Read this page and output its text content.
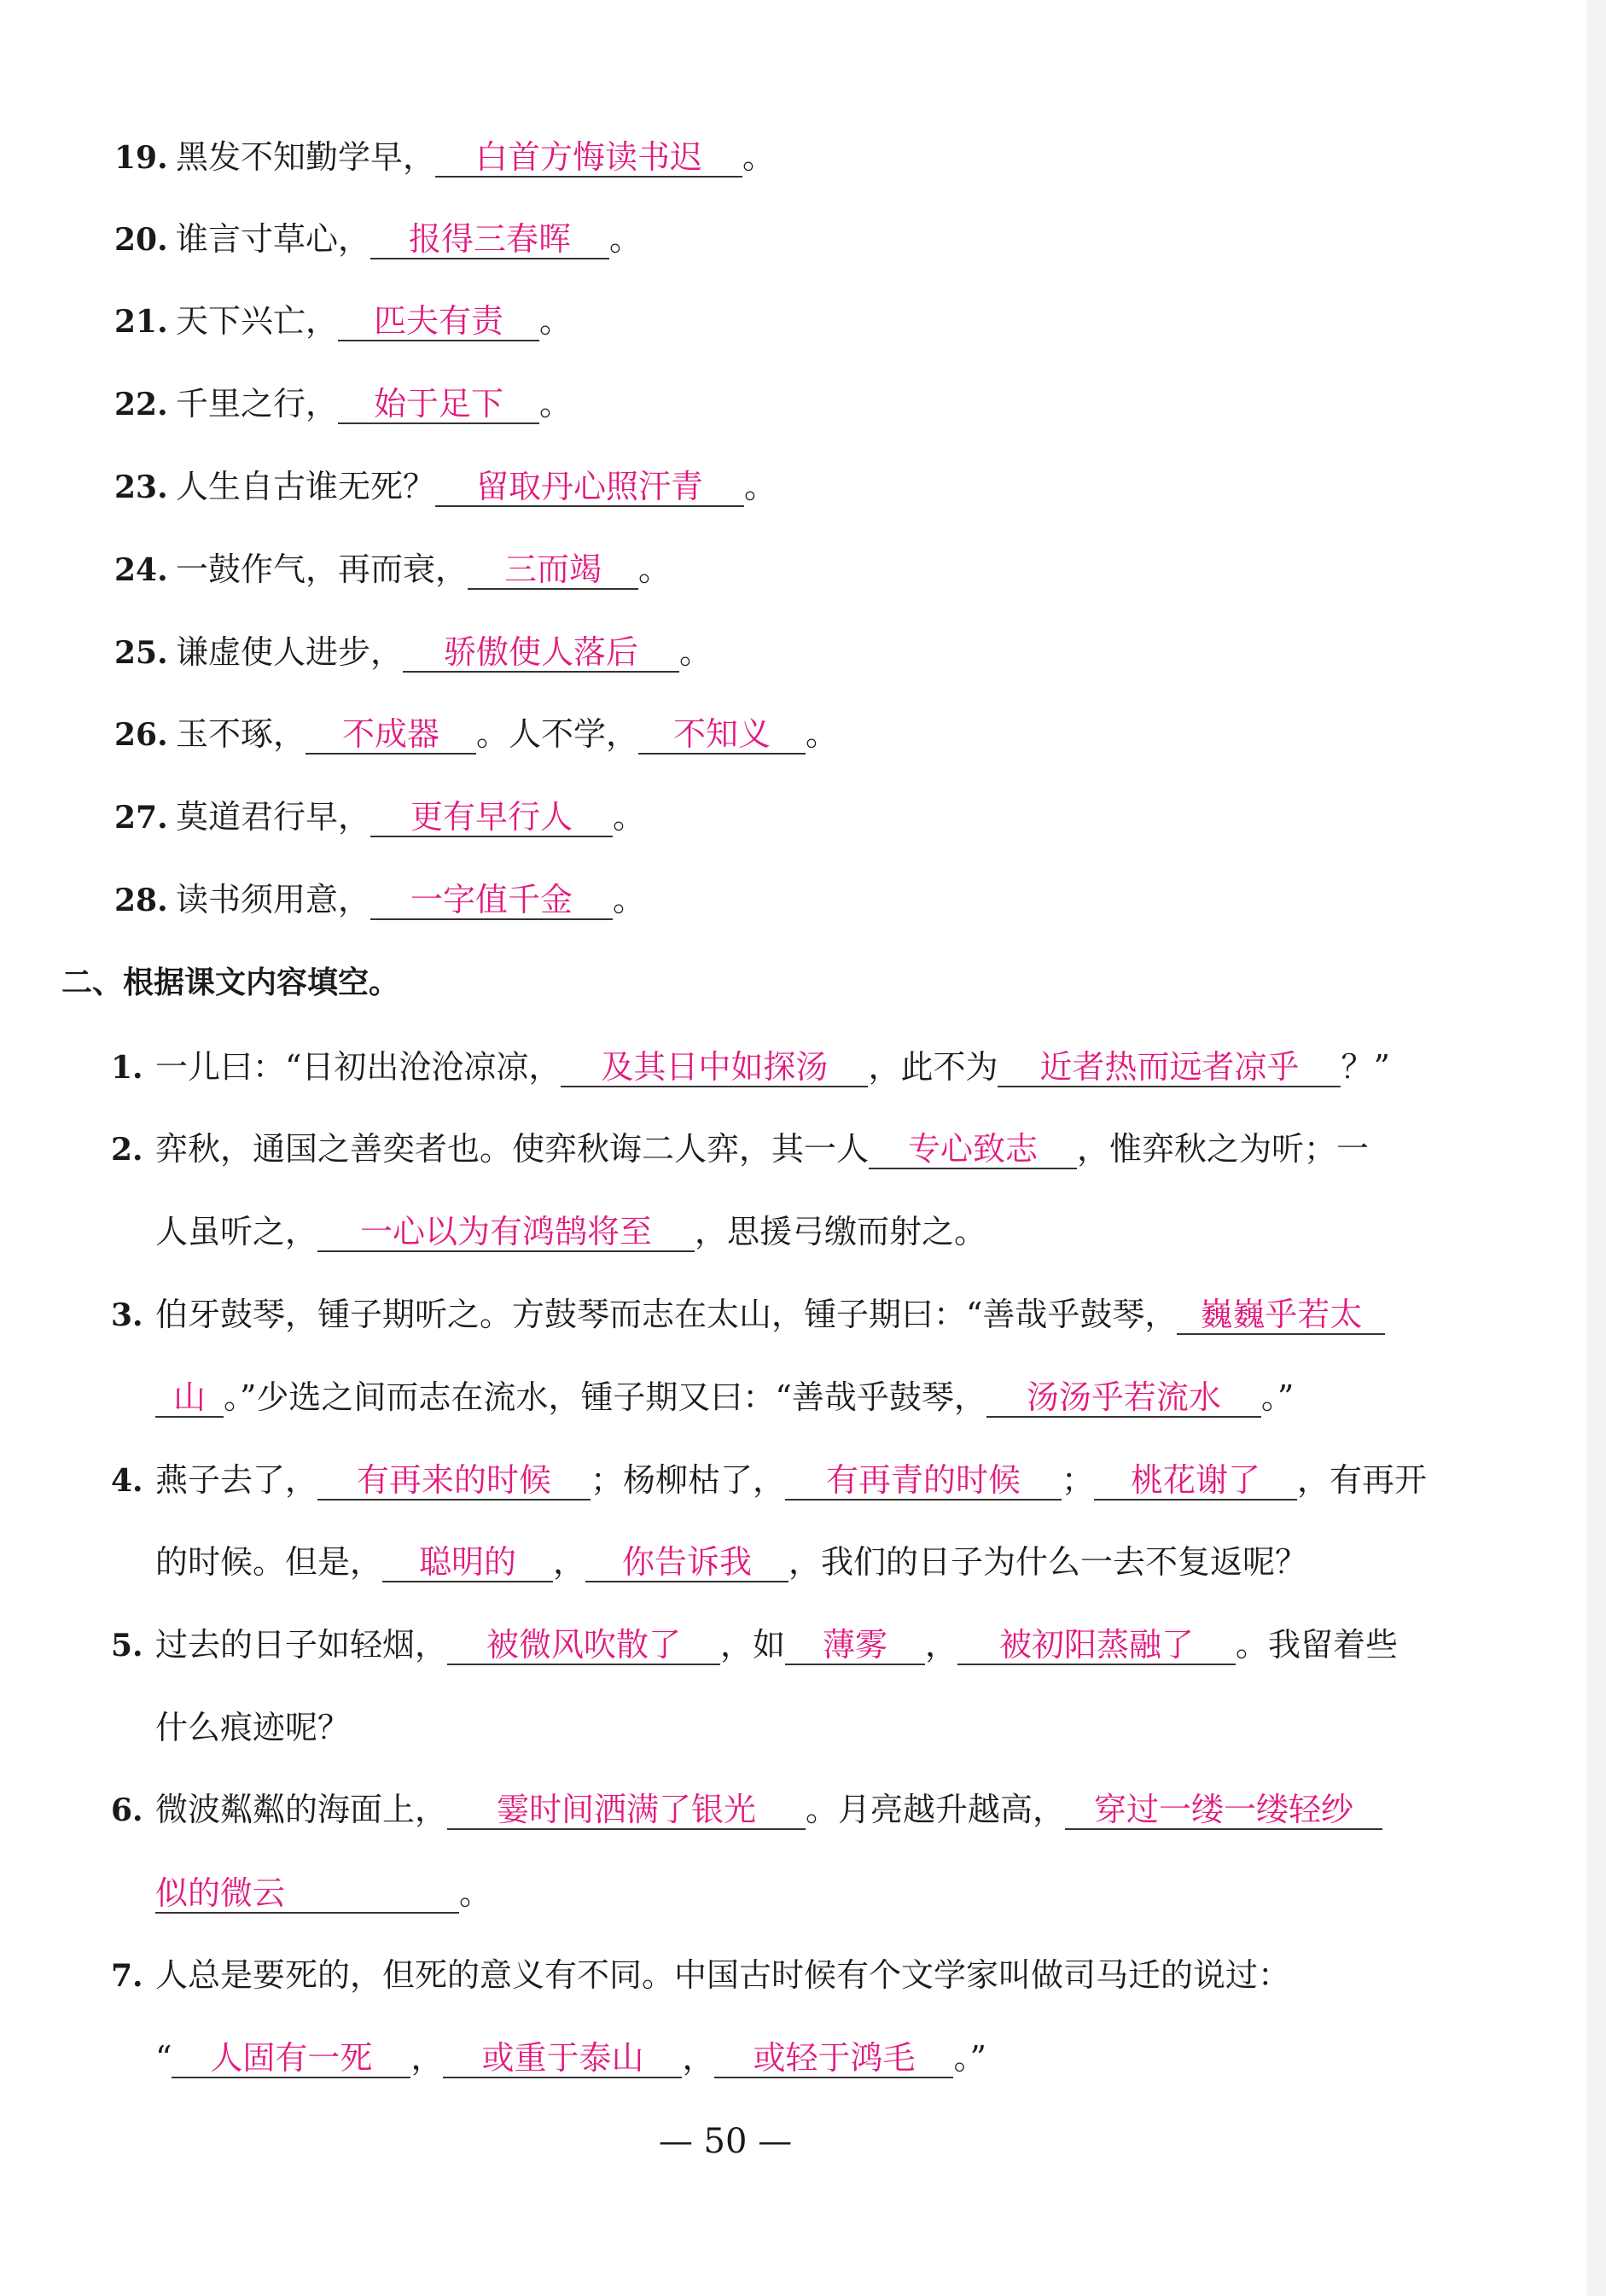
19. 黑发不知勤学早， 白首方悔读书迟 。
20. 谁言寸草心， 报得三春晖 。
21. 天下兴亡， 匹夫有责 。
22. 千里之行， 始于足下 。
23. 人生自古谁无死？ 留取丹心照汗青 。
24. 一鼓作气，再而衰， 三而竭 。
25. 谦虚使人进步， 骄傲使人落后 。
26. 玉不琢， 不成器 。人不学， 不知义 。
27. 莫道君行早， 更有早行人 。
28. 读书须用意， 一字值千金 。
二、根据课文内容填空。
1. 一儿曰：“日初出沧沧凉凉， 及其日中如探汤 ，此不为 近者热而远者凉乎 ？”
2. 弈秋，通国之善奕者也。使弈秋诲二人弈，其一人 专心致志 ，惟弈秋之为听；一
人虽听之， 一心以为有鸿鹄将至 ，思援弓缴而射之。
3. 伯牙鼓琴，锺子期听之。方鼓琴而志在太山，锺子期曰：“善哉乎鼓琴， 巍巍乎若太
山 。”少选之间而志在流水，锺子期又曰：“善哉乎鼓琴， 汤汤乎若流水 。”
4. 燕子去了， 有再来的时候 ；杨柳枯了， 有再青的时候 ； 桃花谢了 ，有再开
的时候。但是， 聪明的 ， 你告诉我 ，我们的日子为什么一去不复返呢？
5. 过去的日子如轻烟， 被微风吹散了 ，如 薄雾 ， 被初阳蒸融了 。我留着些
什么痕迹呢？
6. 微波粼粼的海面上， 霎时间洒满了银光 。月亮越升越高， 穿过一缕一缕轻纱
似的微云	。
7. 人总是要死的，但死的意义有不同。中国古时候有个文学家叫做司马迁的说过：
“ 人固有一死 ， 或重于泰山 ， 或轻于鸿毛 。”
— 50 —
